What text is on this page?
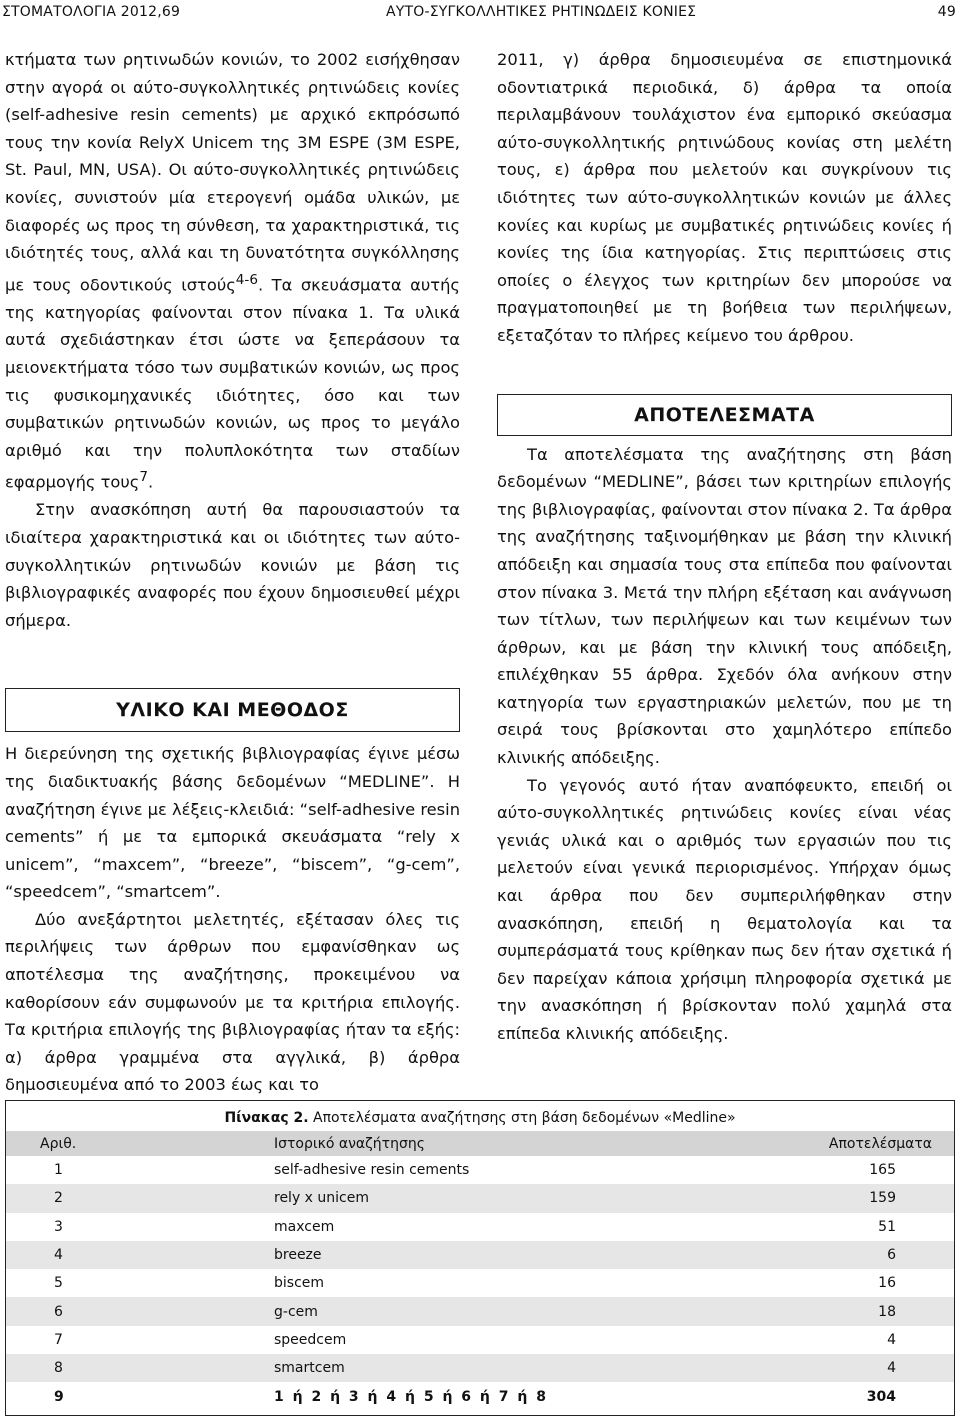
ΣΤΟΜΑΤΟΛΟΓΙΑ 2012,69	ΑΥΤΟ-ΣΥΓΚΟΛΛΗΤΙΚΕΣ ΡΗΤΙΝΩΔΕΙΣ ΚΟΝΙΕΣ	49

κτήματα των ρητινωδών κονιών, το 2002 εισήχθησαν στην αγορά οι αύτο-συγκολλητικές ρητινώδεις κονίες (self-adhesive resin cements) με αρχικό εκπρόσωπό τους την κονία RelyX Unicem της 3M ESPE (3M ESPE, St. Paul, MN, USA). Οι αύτο-συγκολλητικές ρητινώδεις κονίες, συνιστούν μία ετερογενή ομάδα υλικών, με διαφορές ως προς τη σύνθεση, τα χαρακτηριστικά, τις ιδιότητές τους, αλλά και τη δυνατότητα συγκόλλησης με τους οδοντικούς ιστούς$^{4-6}$. Τα σκευάσματα αυτής της κατηγορίας φαίνονται στον πίνακα 1. Τα υλικά αυτά σχεδιάστηκαν έτσι ώστε να ξεπεράσουν τα μειονεκτήματα τόσο των συμβατικών κονιών, ως προς τις φυσικομηχανικές ιδιότητες, όσο και των συμβατικών ρητινωδών κονιών, ως προς το μεγάλο αριθμό και την πολυπλοκότητα των σταδίων εφαρμογής τους$^7$.

Στην ανασκόπηση αυτή θα παρουσιαστούν τα ιδιαίτερα χαρακτηριστικά και οι ιδιότητες των αύτο-συγκολλητικών ρητινωδών κονιών με βάση τις βιβλιογραφικές αναφορές που έχουν δημοσιευθεί μέχρι σήμερα.

ΥΛΙΚΟ ΚΑΙ ΜΕΘΟΔΟΣ

Η διερεύνηση της σχετικής βιβλιογραφίας έγινε μέσω της διαδικτυακής βάσης δεδομένων “MEDLINE”. Η αναζήτηση έγινε με λέξεις-κλειδιά: “self-adhesive resin cements” ή με τα εμπορικά σκευάσματα “rely x unicem”, “maxcem”, “breeze”, “biscem”, “g-cem”, “speedcem”, “smartcem”.

Δύο ανεξάρτητοι μελετητές, εξέτασαν όλες τις περιλήψεις των άρθρων που εμφανίσθηκαν ως αποτέλεσμα της αναζήτησης, προκειμένου να καθορίσουν εάν συμφωνούν με τα κριτήρια επιλογής. Τα κριτήρια επιλογής της βιβλιογραφίας ήταν τα εξής: α) άρθρα γραμμένα στα αγγλικά, β) άρθρα δημοσιευμένα από το 2003 έως και το

2011, γ) άρθρα δημοσιευμένα σε επιστημονικά οδοντιατρικά περιοδικά, δ) άρθρα τα οποία περιλαμβάνουν τουλάχιστον ένα εμπορικό σκεύασμα αύτο-συγκολλητικής ρητινώδους κονίας στη μελέτη τους, ε) άρθρα που μελετούν και συγκρίνουν τις ιδιότητες των αύτο-συγκολλητικών κονιών με άλλες κονίες και κυρίως με συμβατικές ρητινώδεις κονίες ή κονίες της ίδια κατηγορίας. Στις περιπτώσεις στις οποίες ο έλεγχος των κριτηρίων δεν μπορούσε να πραγματοποιηθεί με τη βοήθεια των περιλήψεων, εξεταζόταν το πλήρες κείμενο του άρθρου.

ΑΠΟΤΕΛΕΣΜΑΤΑ

Τα αποτελέσματα της αναζήτησης στη βάση δεδομένων “MEDLINE”, βάσει των κριτηρίων επιλογής της βιβλιογραφίας, φαίνονται στον πίνακα 2. Τα άρθρα της αναζήτησης ταξινομήθηκαν με βάση την κλινική απόδειξη και σημασία τους στα επίπεδα που φαίνονται στον πίνακα 3. Μετά την πλήρη εξέταση και ανάγνωση των τίτλων, των περιλήψεων και των κειμένων των άρθρων, και με βάση την κλινική τους απόδειξη, επιλέχθηκαν 55 άρθρα. Σχεδόν όλα ανήκουν στην κατηγορία των εργαστηριακών μελετών, που με τη σειρά τους βρίσκονται στο χαμηλότερο επίπεδο κλινικής απόδειξης.

Το γεγονός αυτό ήταν αναπόφευκτο, επειδή οι αύτο-συγκολλητικές ρητινώδεις κονίες είναι νέας γενιάς υλικά και ο αριθμός των εργασιών που τις μελετούν είναι γενικά περιορισμένος. Υπήρχαν όμως και άρθρα που δεν συμπεριλήφθηκαν στην ανασκόπηση, επειδή η θεματολογία και τα συμπεράσματά τους κρίθηκαν πως δεν ήταν σχετικά ή δεν παρείχαν κάποια χρήσιμη πληροφορία σχετικά με την ανασκόπηση ή βρίσκονταν πολύ χαμηλά στα επίπεδα κλινικής απόδειξης.

Πίνακας 2. Αποτελέσματα αναζήτησης στη βάση δεδομένων «Medline»
Αριθ.	Ιστορικό αναζήτησης	Αποτελέσματα
1	self-adhesive resin cements	165
2	rely x unicem	159
3	maxcem	51
4	breeze	6
5	biscem	16
6	g-cem	18
7	speedcem	4
8	smartcem	4
9	1 ή 2 ή 3 ή 4 ή 5 ή 6 ή 7 ή 8	304
